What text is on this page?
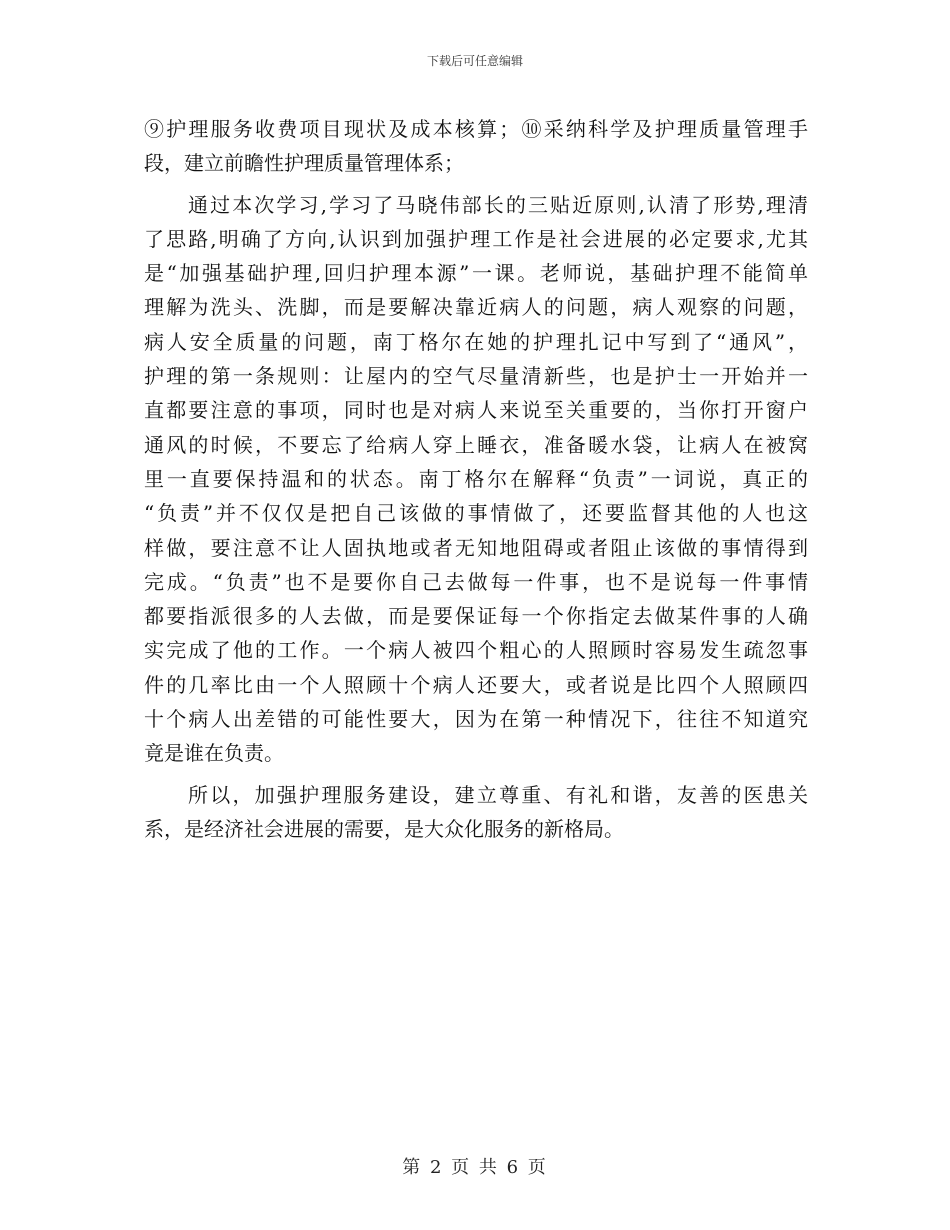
下载后可任意编辑
⑨护理服务收费项目现状及成本核算；⑩采纳科学及护理质量管理手
段，建立前瞻性护理质量管理体系；
通过本次学习,学习了马晓伟部长的三贴近原则,认清了形势,理清
了思路,明确了方向,认识到加强护理工作是社会进展的必定要求,尤其
是“加强基础护理,回归护理本源”一课。老师说，基础护理不能简单
理解为洗头、洗脚，而是要解决靠近病人的问题，病人观察的问题，
病人安全质量的问题，南丁格尔在她的护理扎记中写到了“通风”，
护理的第一条规则：让屋内的空气尽量清新些，也是护士一开始并一
直都要注意的事项，同时也是对病人来说至关重要的，当你打开窗户
通风的时候，不要忘了给病人穿上睡衣，准备暖水袋，让病人在被窝
里一直要保持温和的状态。南丁格尔在解释“负责”一词说，真正的
“负责”并不仅仅是把自己该做的事情做了，还要监督其他的人也这
样做，要注意不让人固执地或者无知地阻碍或者阻止该做的事情得到
完成。“负责”也不是要你自己去做每一件事，也不是说每一件事情
都要指派很多的人去做，而是要保证每一个你指定去做某件事的人确
实完成了他的工作。一个病人被四个粗心的人照顾时容易发生疏忽事
件的几率比由一个人照顾十个病人还要大，或者说是比四个人照顾四
十个病人出差错的可能性要大，因为在第一种情况下，往往不知道究
竟是谁在负责。
所以，加强护理服务建设，建立尊重、有礼和谐，友善的医患关
系，是经济社会进展的需要，是大众化服务的新格局。
第 2 页 共 6 页
